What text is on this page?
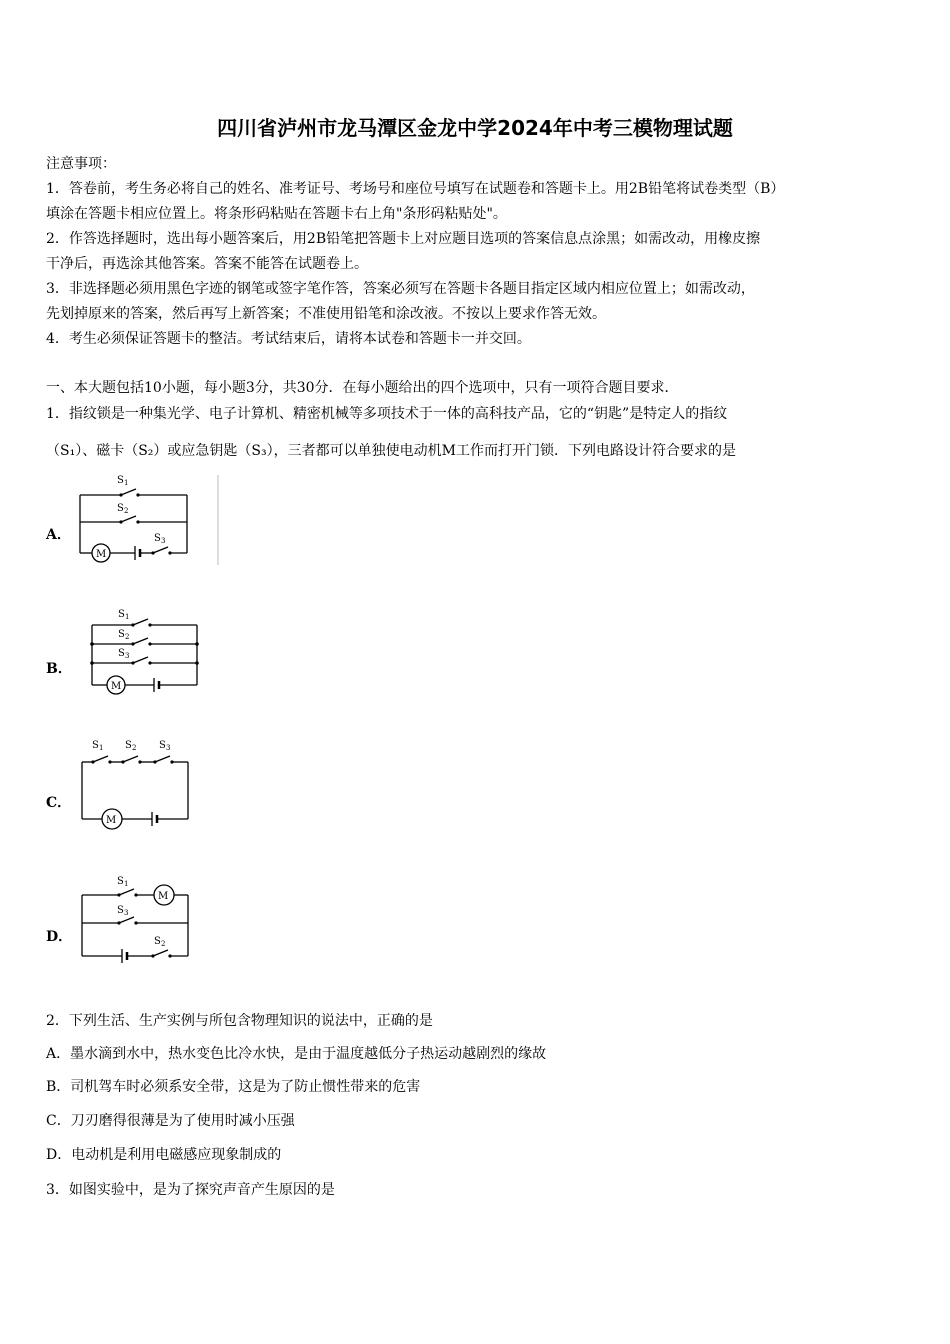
四川省泸州市龙马潭区金龙中学2024年中考三模物理试题
注意事项：
1．答卷前，考生务必将自己的姓名、准考证号、考场号和座位号填写在试题卷和答题卡上。用2B铅笔将试卷类型（B）
填涂在答题卡相应位置上。将条形码粘贴在答题卡右上角"条形码粘贴处"。
2．作答选择题时，选出每小题答案后，用2B铅笔把答题卡上对应题目选项的答案信息点涂黑；如需改动，用橡皮擦
干净后，再选涂其他答案。答案不能答在试题卷上。
3．非选择题必须用黑色字迹的钢笔或签字笔作答，答案必须写在答题卡各题目指定区域内相应位置上；如需改动，
先划掉原来的答案，然后再写上新答案；不准使用铅笔和涂改液。不按以上要求作答无效。
4．考生必须保证答题卡的整洁。考试结束后，请将本试卷和答题卡一并交回。
一、本大题包括10小题，每小题3分，共30分．在每小题给出的四个选项中，只有一项符合题目要求．
1．指纹锁是一种集光学、电子计算机、精密机械等多项技术于一体的高科技产品，它的“钥匙”是特定人的指纹
（S₁）、磁卡（S₂）或应急钥匙（S₃），三者都可以单独使电动机M工作而打开门锁．下列电路设计符合要求的是
A．
S 1
S 2
S 3
M
B．
S 1
S 2
S 3
M
C．
S 1 S 2 S 3
M
D．
S 1
S 3
S 2
M
2．下列生活、生产实例与所包含物理知识的说法中，正确的是
A．墨水滴到水中，热水变色比冷水快，是由于温度越低分子热运动越剧烈的缘故
B．司机驾车时必须系安全带，这是为了防止惯性带来的危害
C．刀刃磨得很薄是为了使用时减小压强
D．电动机是利用电磁感应现象制成的
3．如图实验中，是为了探究声音产生原因的是
